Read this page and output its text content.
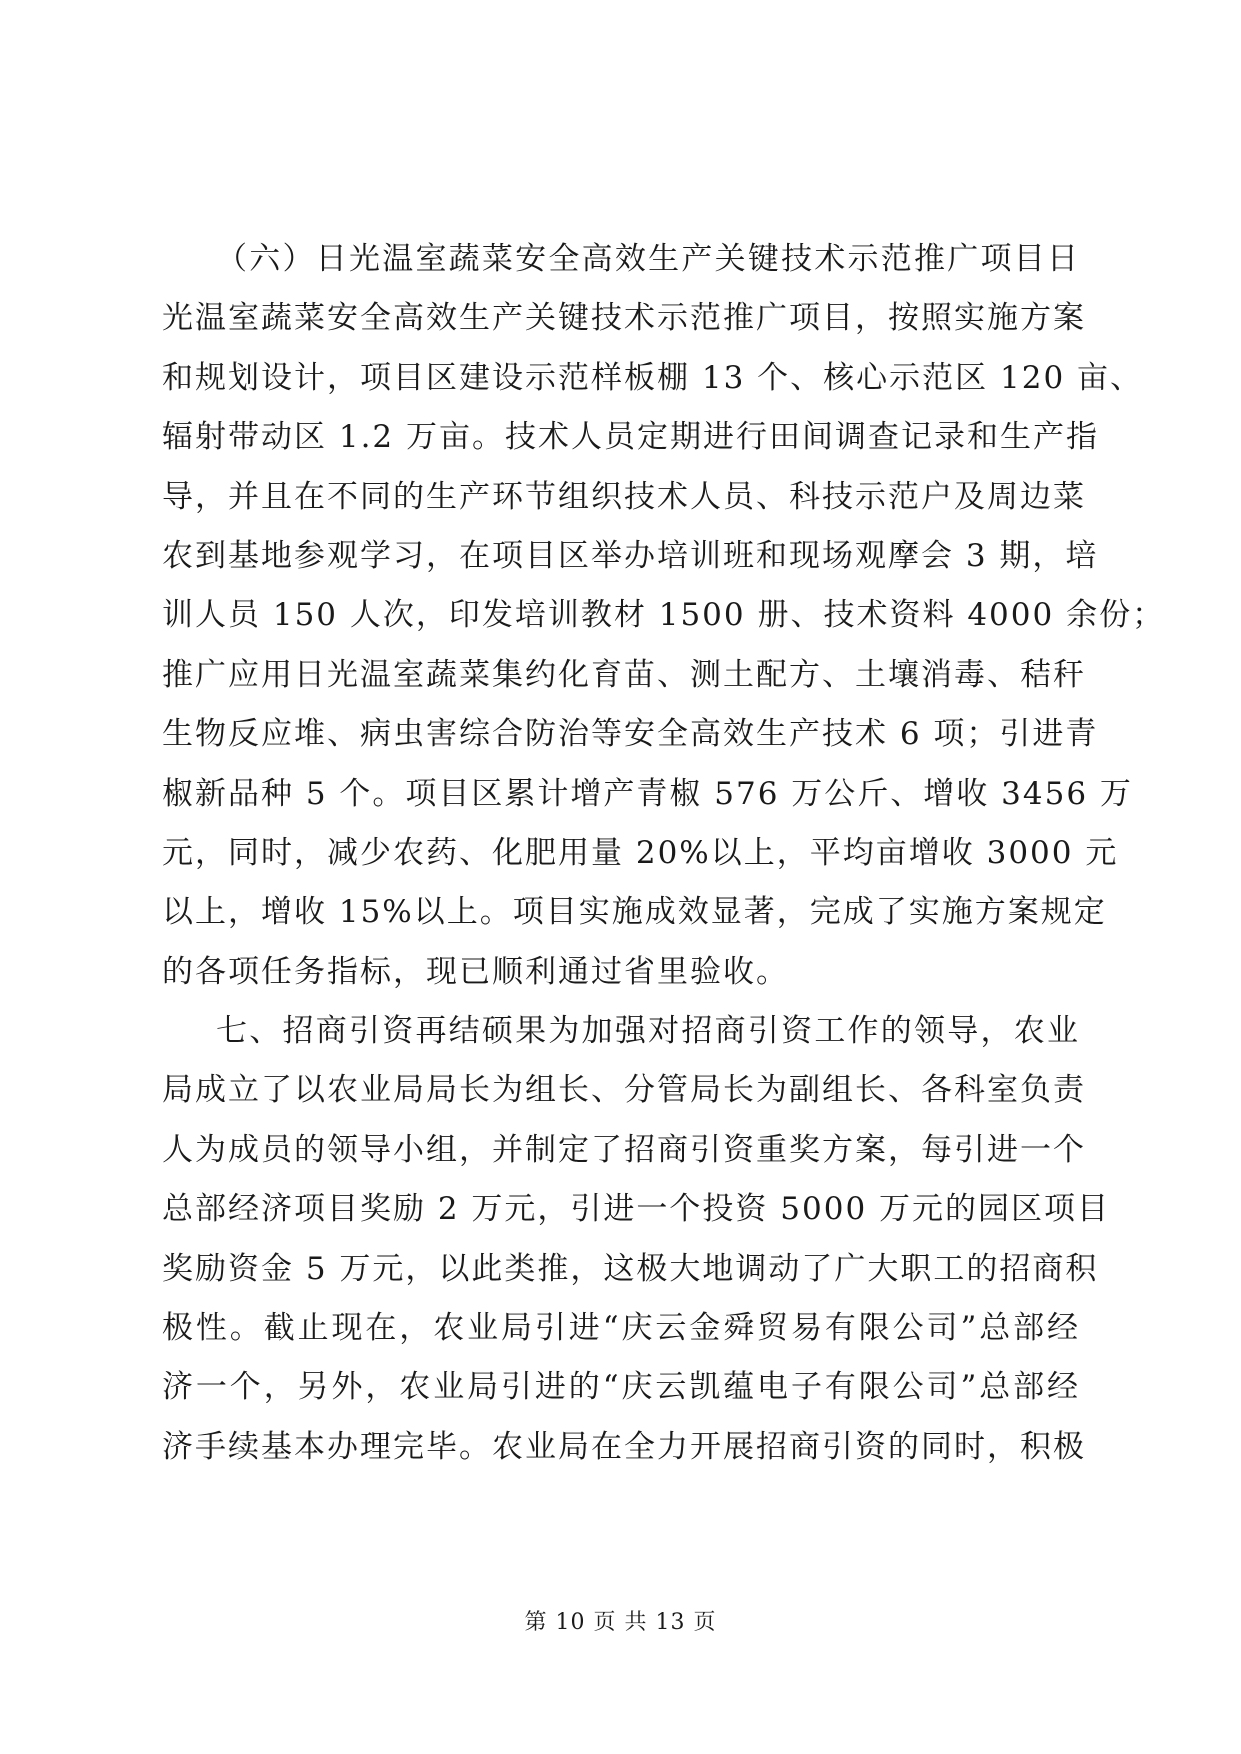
（六）日光温室蔬菜安全高效生产关键技术示范推广项目日
光温室蔬菜安全高效生产关键技术示范推广项目，按照实施方案
和规划设计，项目区建设示范样板棚 13 个、核心示范区 120 亩、
辐射带动区 1.2 万亩。技术人员定期进行田间调查记录和生产指
导，并且在不同的生产环节组织技术人员、科技示范户及周边菜
农到基地参观学习，在项目区举办培训班和现场观摩会 3 期，培
训人员 150 人次，印发培训教材 1500 册、技术资料 4000 余份；
推广应用日光温室蔬菜集约化育苗、测土配方、土壤消毒、秸秆
生物反应堆、病虫害综合防治等安全高效生产技术 6 项；引进青
椒新品种 5 个。项目区累计增产青椒 576 万公斤、增收 3456 万
元，同时，减少农药、化肥用量 20%以上，平均亩增收 3000 元
以上，增收 15%以上。项目实施成效显著，完成了实施方案规定
的各项任务指标，现已顺利通过省里验收。
七、招商引资再结硕果为加强对招商引资工作的领导，农业
局成立了以农业局局长为组长、分管局长为副组长、各科室负责
人为成员的领导小组，并制定了招商引资重奖方案，每引进一个
总部经济项目奖励 2 万元，引进一个投资 5000 万元的园区项目
奖励资金 5 万元，以此类推，这极大地调动了广大职工的招商积
极性。截止现在，农业局引进“庆云金舜贸易有限公司”总部经
济一个，另外，农业局引进的“庆云凯蕴电子有限公司”总部经
济手续基本办理完毕。农业局在全力开展招商引资的同时，积极
第 10 页 共 13 页
